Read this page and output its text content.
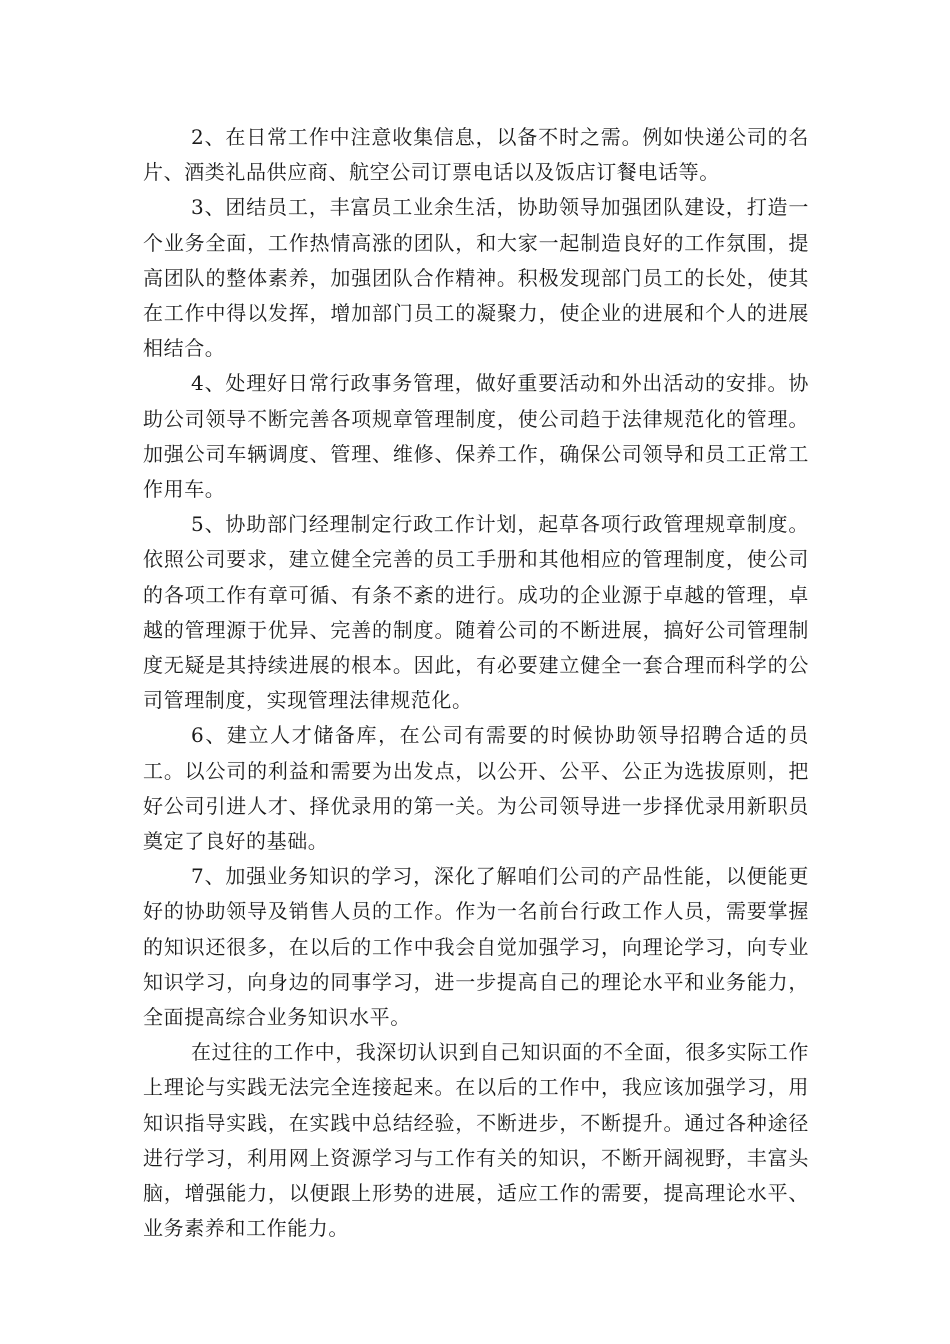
2、在日常工作中注意收集信息，以备不时之需。例如快递公司的名片、酒类礼品供应商、航空公司订票电话以及饭店订餐电话等。

3、团结员工，丰富员工业余生活，协助领导加强团队建设，打造一个业务全面，工作热情高涨的团队，和大家一起制造良好的工作氛围，提高团队的整体素养，加强团队合作精神。积极发现部门员工的长处，使其在工作中得以发挥，增加部门员工的凝聚力，使企业的进展和个人的进展相结合。

4、处理好日常行政事务管理，做好重要活动和外出活动的安排。协助公司领导不断完善各项规章管理制度，使公司趋于法律规范化的管理。加强公司车辆调度、管理、维修、保养工作，确保公司领导和员工正常工作用车。

5、协助部门经理制定行政工作计划，起草各项行政管理规章制度。依照公司要求，建立健全完善的员工手册和其他相应的管理制度，使公司的各项工作有章可循、有条不紊的进行。成功的企业源于卓越的管理，卓越的管理源于优异、完善的制度。随着公司的不断进展，搞好公司管理制度无疑是其持续进展的根本。因此，有必要建立健全一套合理而科学的公司管理制度，实现管理法律规范化。

6、建立人才储备库，在公司有需要的时候协助领导招聘合适的员工。以公司的利益和需要为出发点，以公开、公平、公正为选拔原则，把好公司引进人才、择优录用的第一关。为公司领导进一步择优录用新职员奠定了良好的基础。

7、加强业务知识的学习，深化了解咱们公司的产品性能，以便能更好的协助领导及销售人员的工作。作为一名前台行政工作人员，需要掌握的知识还很多，在以后的工作中我会自觉加强学习，向理论学习，向专业知识学习，向身边的同事学习，进一步提高自己的理论水平和业务能力，全面提高综合业务知识水平。

在过往的工作中，我深切认识到自己知识面的不全面，很多实际工作上理论与实践无法完全连接起来。在以后的工作中，我应该加强学习，用知识指导实践，在实践中总结经验，不断进步，不断提升。通过各种途径进行学习，利用网上资源学习与工作有关的知识，不断开阔视野，丰富头脑，增强能力，以便跟上形势的进展，适应工作的需要，提高理论水平、业务素养和工作能力。
